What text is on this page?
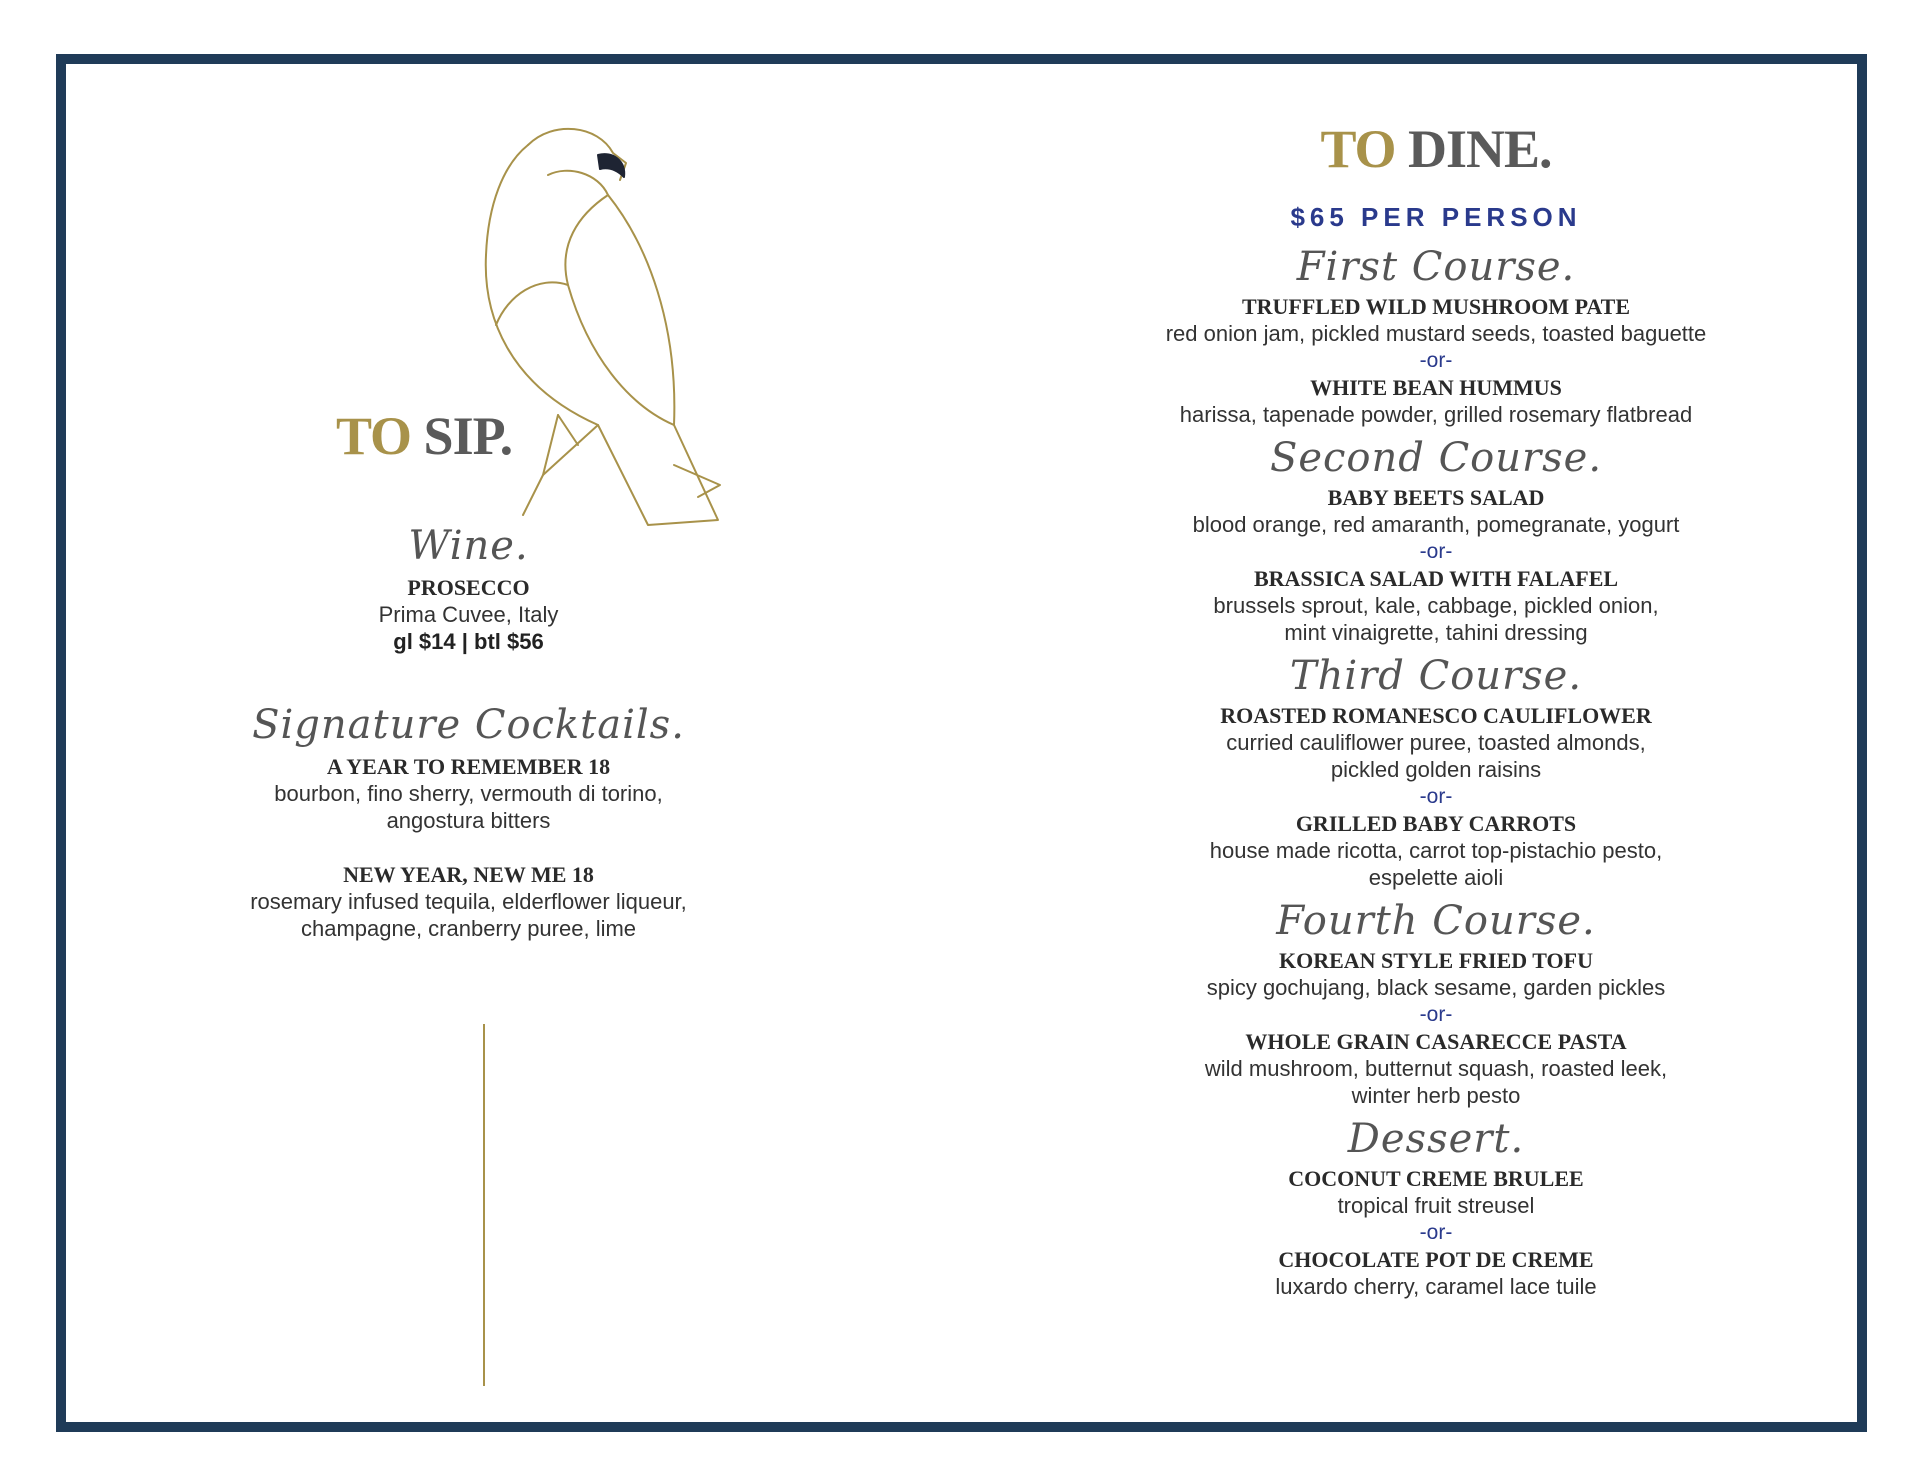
TO SIP.
Wine.
PROSECCO
Prima Cuvee, Italy
gl $14 | btl $56
Signature Cocktails.
A YEAR TO REMEMBER 18
bourbon, fino sherry, vermouth di torino,
angostura bitters
NEW YEAR, NEW ME 18
rosemary infused tequila, elderflower liqueur,
champagne, cranberry puree, lime
TO DINE.
$65 PER PERSON
First Course.
TRUFFLED WILD MUSHROOM PATE
red onion jam, pickled mustard seeds, toasted baguette
-or-
WHITE BEAN HUMMUS
harissa, tapenade powder, grilled rosemary flatbread
Second Course.
BABY BEETS SALAD
blood orange, red amaranth, pomegranate, yogurt
-or-
BRASSICA SALAD WITH FALAFEL
brussels sprout, kale, cabbage, pickled onion,
mint vinaigrette, tahini dressing
Third Course.
ROASTED ROMANESCO CAULIFLOWER
curried cauliflower puree, toasted almonds,
pickled golden raisins
-or-
GRILLED BABY CARROTS
house made ricotta, carrot top-pistachio pesto,
espelette aioli
Fourth Course.
KOREAN STYLE FRIED TOFU
spicy gochujang, black sesame, garden pickles
-or-
WHOLE GRAIN CASARECCE PASTA
wild mushroom, butternut squash, roasted leek,
winter herb pesto
Dessert.
COCONUT CREME BRULEE
tropical fruit streusel
-or-
CHOCOLATE POT DE CREME
luxardo cherry, caramel lace tuile
